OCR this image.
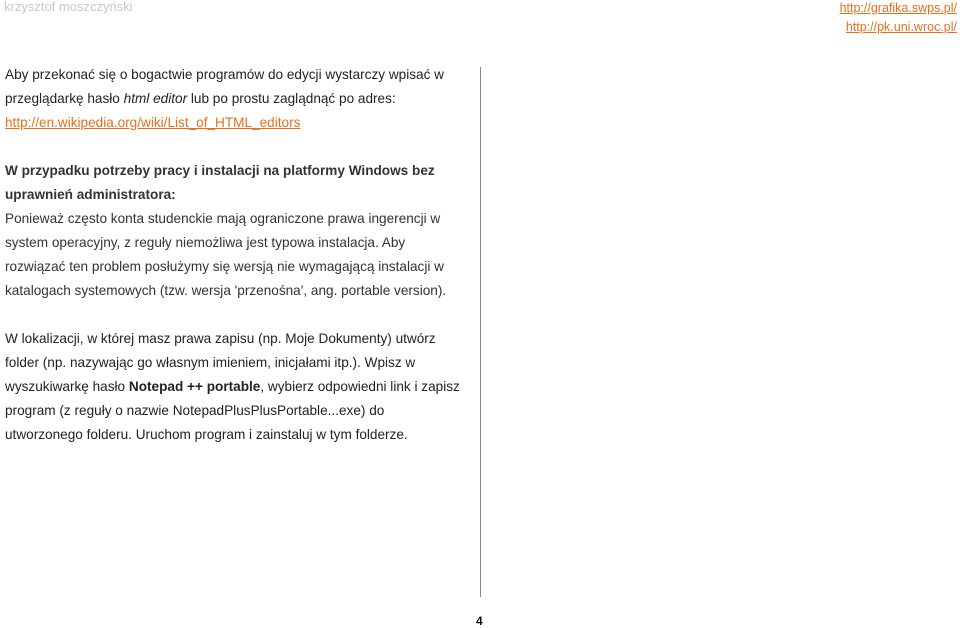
krzysztof moszczyński	http://grafika.swps.pl/
http://pk.uni.wroc.pl/

Aby przekonać się o bogactwie programów do edycji wystarczy wpisać w przeglądarkę hasło html editor lub po prostu zaglądnąć po adres: http://en.wikipedia.org/wiki/List_of_HTML_editors

W przypadku potrzeby pracy i instalacji na platformy Windows bez uprawnień administratora:

Ponieważ często konta studenckie mają ograniczone prawa ingerencji w system operacyjny, z reguły niemożliwa jest typowa instalacja. Aby rozwiązać ten problem posłużymy się wersją nie wymagającą instalacji w katalogach systemowych (tzw. wersja 'przenośna', ang. portable version).

W lokalizacji, w której masz prawa zapisu (np. Moje Dokumenty) utwórz folder (np. nazywając go własnym imieniem, inicjałami itp.). Wpisz w wyszukiwarkę hasło Notepad ++ portable, wybierz odpowiedni link i zapisz program (z reguły o nazwie NotepadPlusPlusPortable...exe) do utworzonego folderu. Uruchom program i zainstaluj w tym folderze.

4
